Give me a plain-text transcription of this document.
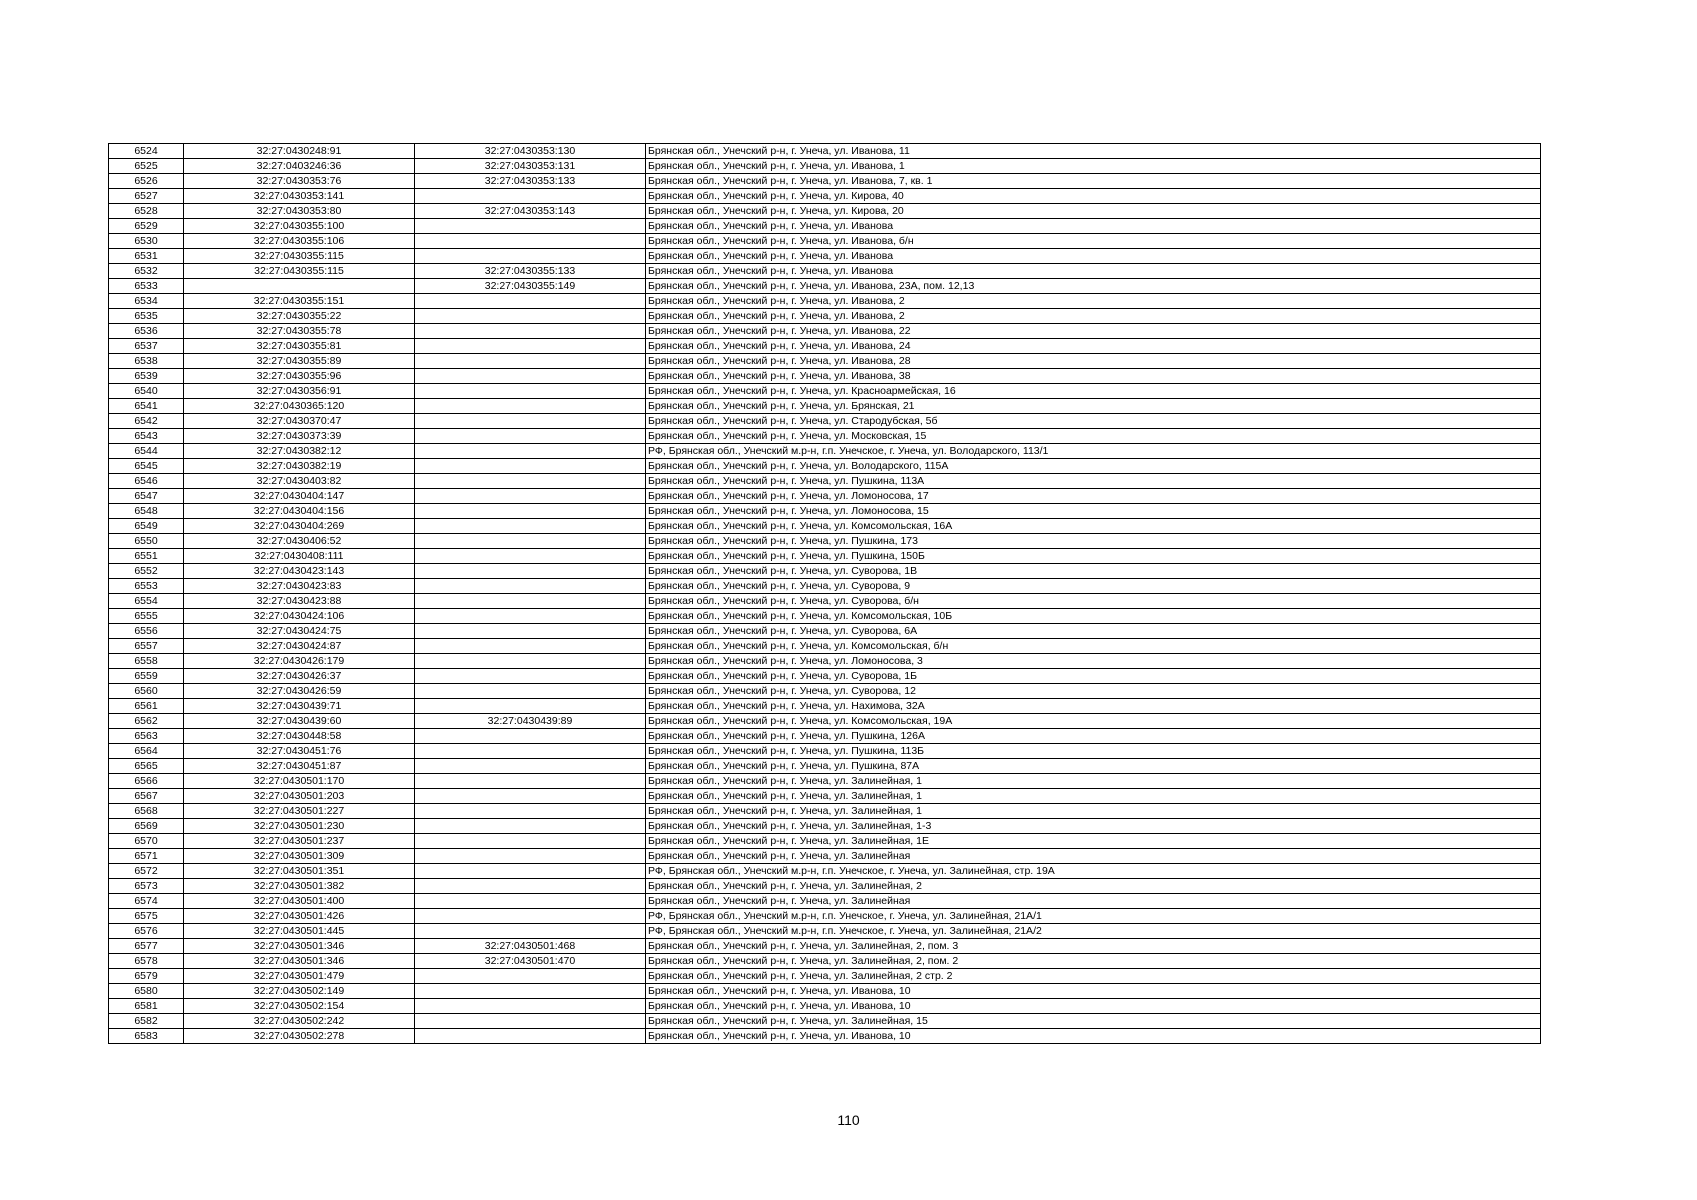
6524	32:27:0430248:91	32:27:0430353:130	Брянская обл., Унечский р-н, г. Унеча, ул. Иванова, 11
6525	32:27:0403246:36	32:27:0430353:131	Брянская обл., Унечский р-н, г. Унеча, ул. Иванова, 1
6526	32:27:0430353:76	32:27:0430353:133	Брянская обл., Унечский р-н, г. Унеча, ул. Иванова, 7, кв. 1
6527	32:27:0430353:141		Брянская обл., Унечский р-н, г. Унеча, ул. Кирова, 40
6528	32:27:0430353:80	32:27:0430353:143	Брянская обл., Унечский р-н, г. Унеча, ул. Кирова, 20
6529	32:27:0430355:100		Брянская обл., Унечский р-н, г. Унеча, ул. Иванова
6530	32:27:0430355:106		Брянская обл., Унечский р-н, г. Унеча, ул. Иванова, б/н
6531	32:27:0430355:115		Брянская обл., Унечский р-н, г. Унеча, ул. Иванова
6532	32:27:0430355:115	32:27:0430355:133	Брянская обл., Унечский р-н, г. Унеча, ул. Иванова
6533		32:27:0430355:149	Брянская обл., Унечский р-н, г. Унеча, ул. Иванова, 23А, пом. 12,13
6534	32:27:0430355:151		Брянская обл., Унечский р-н, г. Унеча, ул. Иванова, 2
6535	32:27:0430355:22		Брянская обл., Унечский р-н, г. Унеча, ул. Иванова, 2
6536	32:27:0430355:78		Брянская обл., Унечский р-н, г. Унеча, ул. Иванова, 22
6537	32:27:0430355:81		Брянская обл., Унечский р-н, г. Унеча, ул. Иванова, 24
6538	32:27:0430355:89		Брянская обл., Унечский р-н, г. Унеча, ул. Иванова, 28
6539	32:27:0430355:96		Брянская обл., Унечский р-н, г. Унеча, ул. Иванова, 38
6540	32:27:0430356:91		Брянская обл., Унечский р-н, г. Унеча, ул. Красноармейская, 16
6541	32:27:0430365:120		Брянская обл., Унечский р-н, г. Унеча, ул. Брянская, 21
6542	32:27:0430370:47		Брянская обл., Унечский р-н, г. Унеча, ул. Стародубская, 5б
6543	32:27:0430373:39		Брянская обл., Унечский р-н, г. Унеча, ул. Московская, 15
6544	32:27:0430382:12		РФ, Брянская обл., Унечский м.р-н, г.п. Унечское, г. Унеча, ул. Володарского, 113/1
6545	32:27:0430382:19		Брянская обл., Унечский р-н, г. Унеча, ул. Володарского, 115А
6546	32:27:0430403:82		Брянская обл., Унечский р-н, г. Унеча, ул. Пушкина, 113А
6547	32:27:0430404:147		Брянская обл., Унечский р-н, г. Унеча, ул. Ломоносова, 17
6548	32:27:0430404:156		Брянская обл., Унечский р-н, г. Унеча, ул. Ломоносова, 15
6549	32:27:0430404:269		Брянская обл., Унечский р-н, г. Унеча, ул. Комсомольская, 16А
6550	32:27:0430406:52		Брянская обл., Унечский р-н, г. Унеча, ул. Пушкина, 173
6551	32:27:0430408:111		Брянская обл., Унечский р-н, г. Унеча, ул. Пушкина, 150Б
6552	32:27:0430423:143		Брянская обл., Унечский р-н, г. Унеча, ул. Суворова, 1В
6553	32:27:0430423:83		Брянская обл., Унечский р-н, г. Унеча, ул. Суворова, 9
6554	32:27:0430423:88		Брянская обл., Унечский р-н, г. Унеча, ул. Суворова, б/н
6555	32:27:0430424:106		Брянская обл., Унечский р-н, г. Унеча, ул. Комсомольская, 10Б
6556	32:27:0430424:75		Брянская обл., Унечский р-н, г. Унеча, ул. Суворова, 6А
6557	32:27:0430424:87		Брянская обл., Унечский р-н, г. Унеча, ул. Комсомольская, б/н
6558	32:27:0430426:179		Брянская обл., Унечский р-н, г. Унеча, ул. Ломоносова, 3
6559	32:27:0430426:37		Брянская обл., Унечский р-н, г. Унеча, ул. Суворова, 1Б
6560	32:27:0430426:59		Брянская обл., Унечский р-н, г. Унеча, ул. Суворова, 12
6561	32:27:0430439:71		Брянская обл., Унечский р-н, г. Унеча, ул. Нахимова, 32А
6562	32:27:0430439:60	32:27:0430439:89	Брянская обл., Унечский р-н, г. Унеча, ул. Комсомольская, 19А
6563	32:27:0430448:58		Брянская обл., Унечский р-н, г. Унеча, ул. Пушкина, 126А
6564	32:27:0430451:76		Брянская обл., Унечский р-н, г. Унеча, ул. Пушкина, 113Б
6565	32:27:0430451:87		Брянская обл., Унечский р-н, г. Унеча, ул. Пушкина, 87А
6566	32:27:0430501:170		Брянская обл., Унечский р-н, г. Унеча, ул. Залинейная, 1
6567	32:27:0430501:203		Брянская обл., Унечский р-н, г. Унеча, ул. Залинейная, 1
6568	32:27:0430501:227		Брянская обл., Унечский р-н, г. Унеча, ул. Залинейная, 1
6569	32:27:0430501:230		Брянская обл., Унечский р-н, г. Унеча, ул. Залинейная, 1-3
6570	32:27:0430501:237		Брянская обл., Унечский р-н, г. Унеча, ул. Залинейная, 1Е
6571	32:27:0430501:309		Брянская обл., Унечский р-н, г. Унеча, ул. Залинейная
6572	32:27:0430501:351		РФ, Брянская обл., Унечский м.р-н, г.п. Унечское, г. Унеча, ул. Залинейная, стр. 19А
6573	32:27:0430501:382		Брянская обл., Унечский р-н, г. Унеча, ул. Залинейная, 2
6574	32:27:0430501:400		Брянская обл., Унечский р-н, г. Унеча, ул. Залинейная
6575	32:27:0430501:426		РФ, Брянская обл., Унечский м.р-н, г.п. Унечское, г. Унеча, ул. Залинейная, 21А/1
6576	32:27:0430501:445		РФ, Брянская обл., Унечский м.р-н, г.п. Унечское, г. Унеча, ул. Залинейная, 21А/2
6577	32:27:0430501:346	32:27:0430501:468	Брянская обл., Унечский р-н, г. Унеча, ул. Залинейная, 2, пом. 3
6578	32:27:0430501:346	32:27:0430501:470	Брянская обл., Унечский р-н, г. Унеча, ул. Залинейная, 2, пом. 2
6579	32:27:0430501:479		Брянская обл., Унечский р-н, г. Унеча, ул. Залинейная, 2 стр. 2
6580	32:27:0430502:149		Брянская обл., Унечский р-н, г. Унеча, ул. Иванова, 10
6581	32:27:0430502:154		Брянская обл., Унечский р-н, г. Унеча, ул. Иванова, 10
6582	32:27:0430502:242		Брянская обл., Унечский р-н, г. Унеча, ул. Залинейная, 15
6583	32:27:0430502:278		Брянская обл., Унечский р-н, г. Унеча, ул. Иванова, 10
110
